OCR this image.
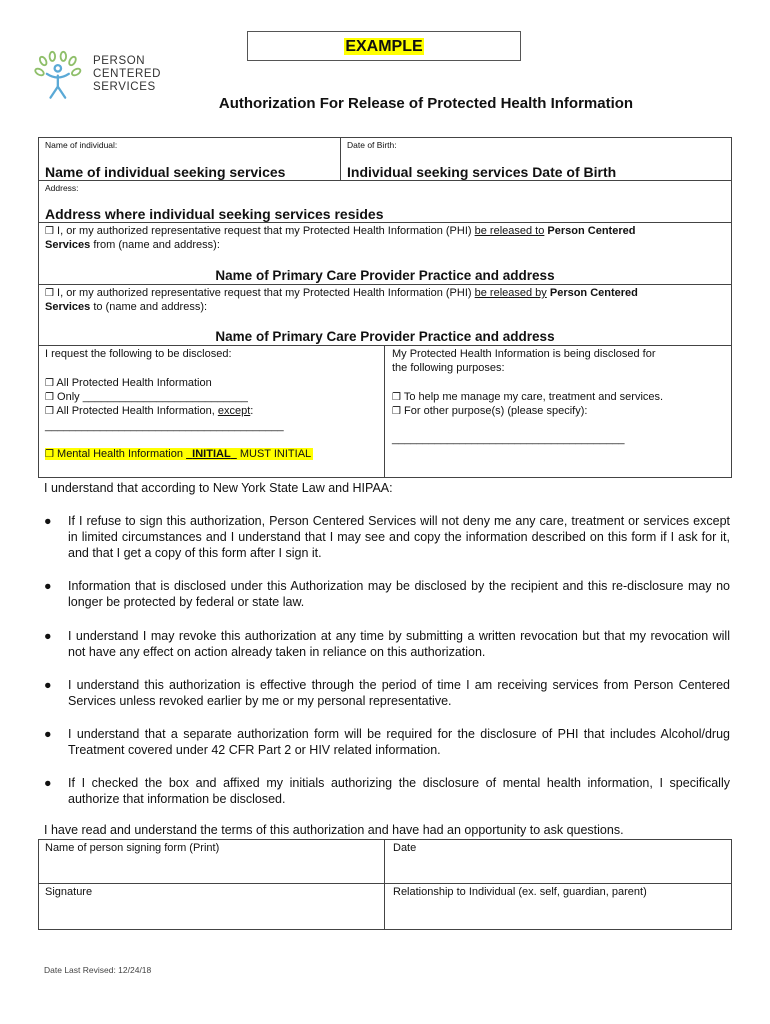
EXAMPLE
PERSON
CENTERED
SERVICES
Authorization For Release of Protected Health Information
Name of individual:
Name of individual seeking services
Date of Birth:
Individual seeking services Date of Birth
Address:
Address where individual seeking services resides
❒ I, or my authorized representative request that my Protected Health Information (PHI) be released to Person Centered
Services from (name and address):
Name of Primary Care Provider Practice and address
❒ I, or my authorized representative request that my Protected Health Information (PHI) be released by Person Centered
Services to (name and address):
Name of Primary Care Provider Practice and address
I request the following to be disclosed:
❒ All Protected Health Information
❒ Only ___________________________
❒ All Protected Health Information, except:
_______________________________________
❒ Mental Health Information INITIAL MUST INITIAL
My Protected Health Information is being disclosed for
the following purposes:
❒ To help me manage my care, treatment and services.
❒ For other purpose(s) (please specify):
______________________________________
I understand that according to New York State Law and HIPAA:
● If I refuse to sign this authorization, Person Centered Services will not deny me any care, treatment or services except in limited circumstances and I understand that I may see and copy the information described on this form if I ask for it, and that I get a copy of this form after I sign it.
● Information that is disclosed under this Authorization may be disclosed by the recipient and this re-disclosure may no longer be protected by federal or state law.
● I understand I may revoke this authorization at any time by submitting a written revocation but that my revocation will not have any effect on action already taken in reliance on this authorization.
● I understand this authorization is effective through the period of time I am receiving services from Person Centered Services unless revoked earlier by me or my personal representative.
● I understand that a separate authorization form will be required for the disclosure of PHI that includes Alcohol/drug Treatment covered under 42 CFR Part 2 or HIV related information.
● If I checked the box and affixed my initials authorizing the disclosure of mental health information, I specifically authorize that information be disclosed.
I have read and understand the terms of this authorization and have had an opportunity to ask questions.
Name of person signing form (Print)	Date
Signature	Relationship to Individual (ex. self, guardian, parent)
Date Last Revised: 12/24/18
